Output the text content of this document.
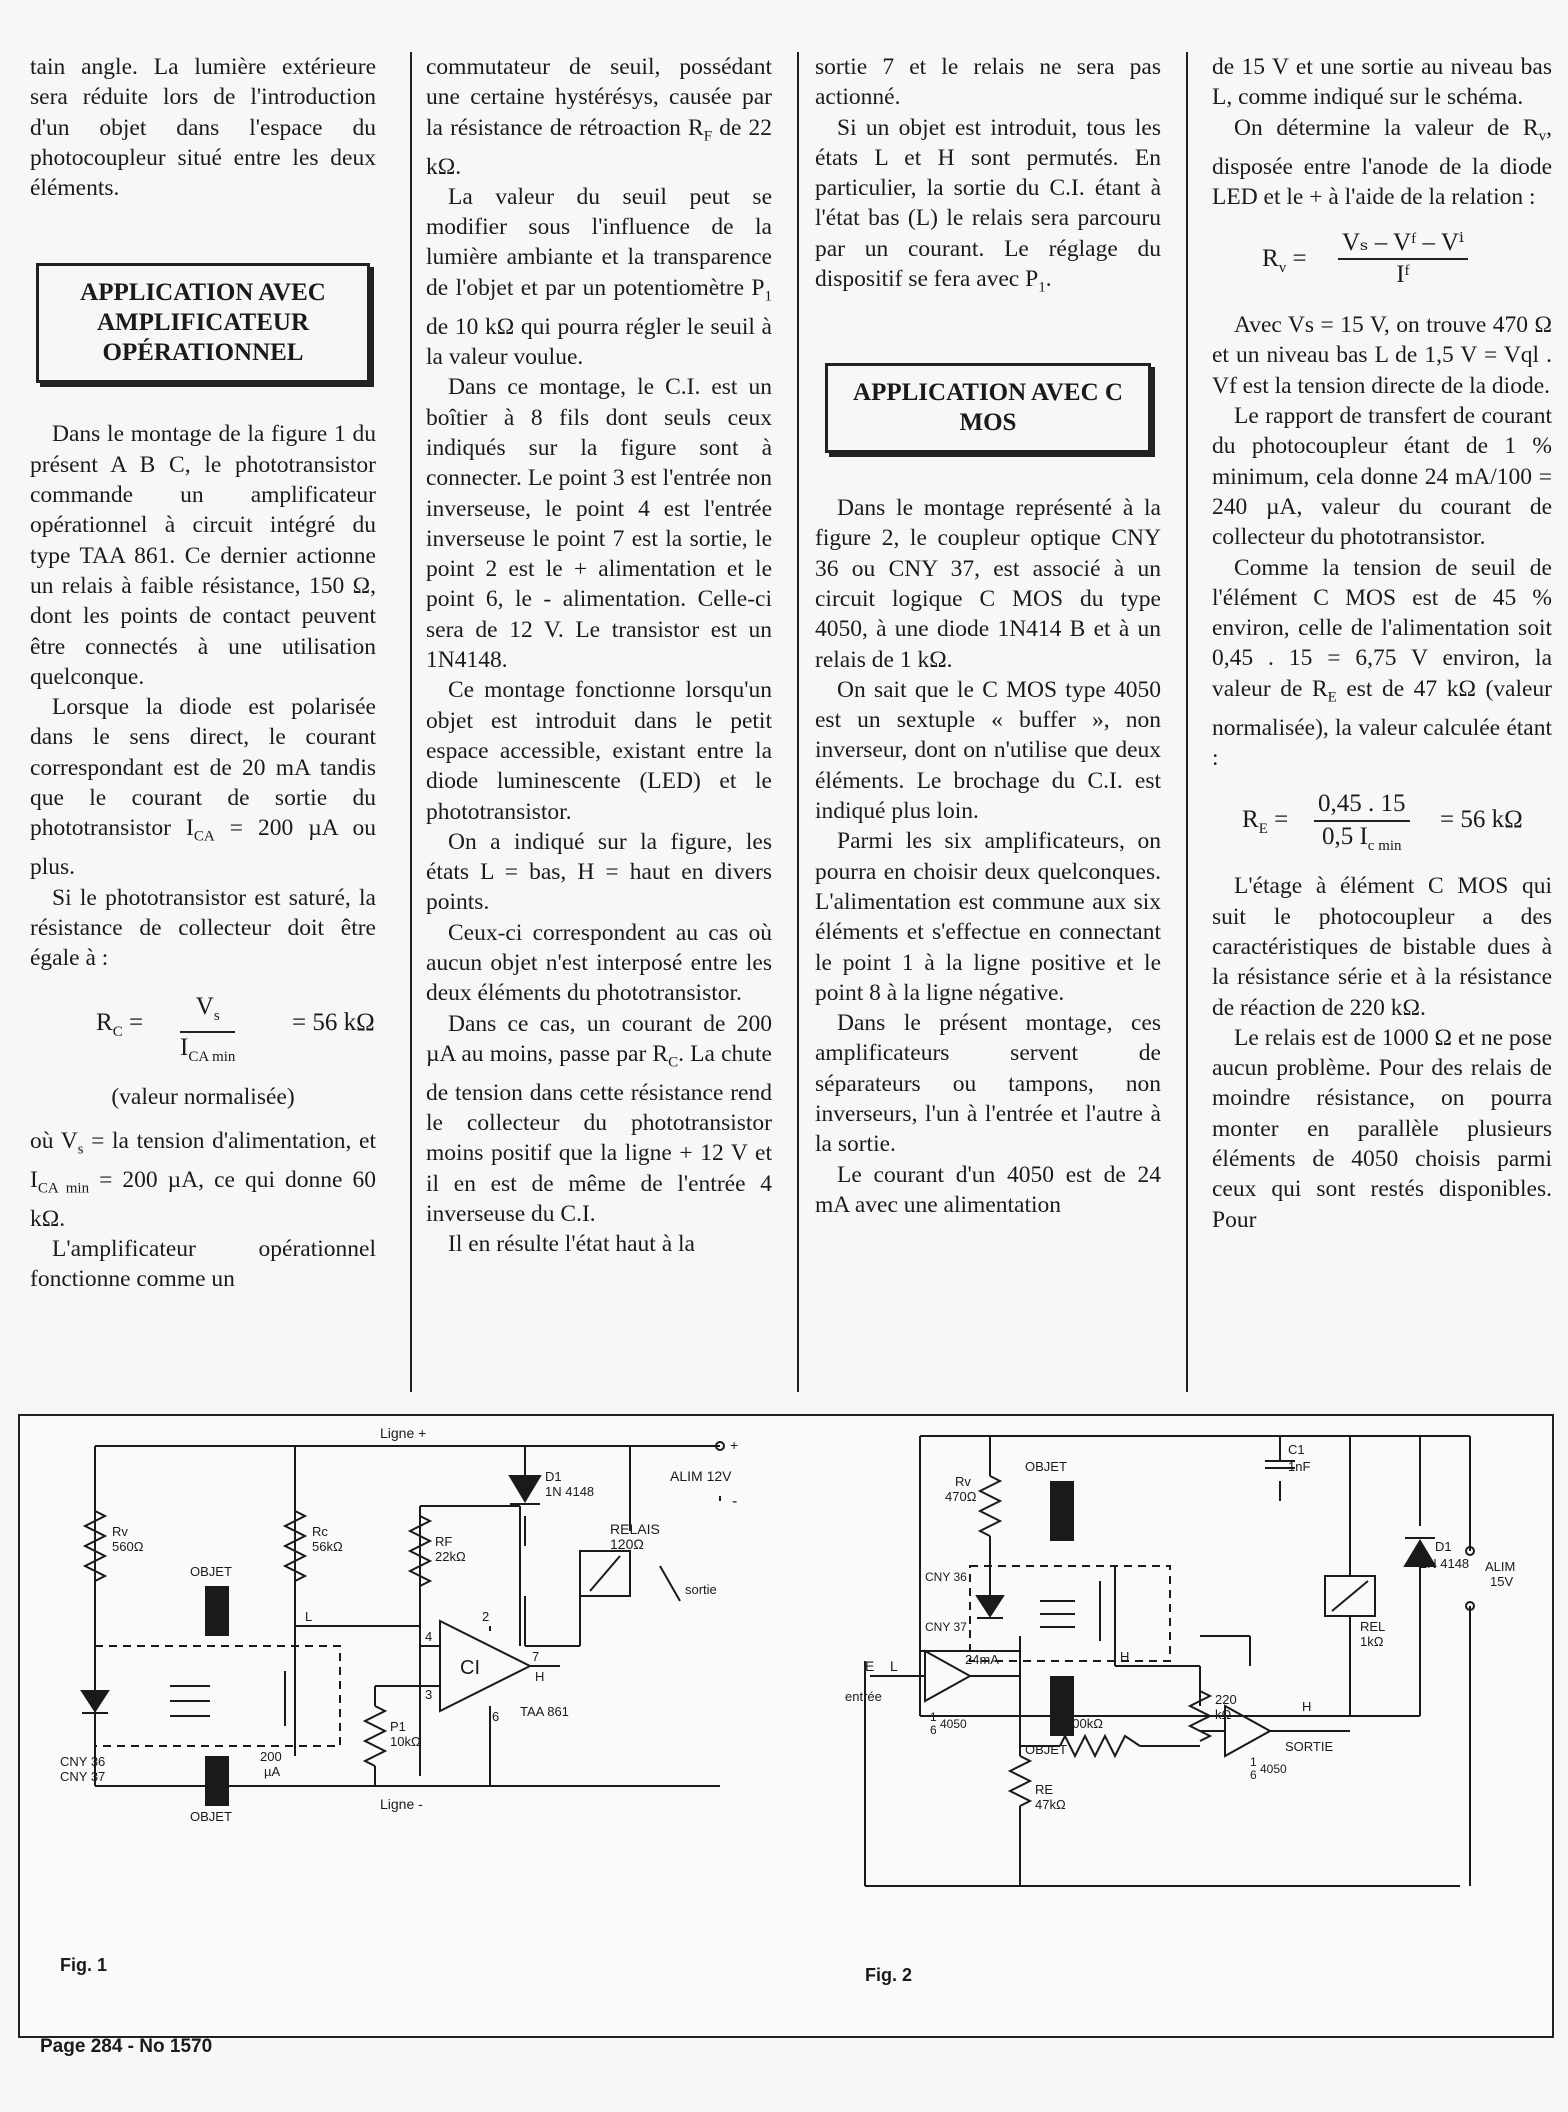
tain angle. La lumière extérieure sera réduite lors de l'introduction d'un objet dans l'espace du photocoupleur situé entre les deux éléments.

APPLICATION AVEC AMPLIFICATEUR OPÉRATIONNEL

Dans le montage de la figure 1 du présent A B C, le phototransistor commande un amplificateur opérationnel à circuit intégré du type TAA 861. Ce dernier actionne un relais à faible résistance, 150 Ω, dont les points de contact peuvent être connectés à une utilisation quelconque.

Lorsque la diode est polarisée dans le sens direct, le courant correspondant est de 20 mA tandis que le courant de sortie du phototransistor $I_{CA} = 200$ µA ou plus.

Si le phototransistor est saturé, la résistance de collecteur doit être égale à :

$R_C$ =
$V_s$
$I_{CA min}$
= 56 kΩ

(valeur normalisée)

où $V_s$ = la tension d'alimentation, et $I_{CA min} = 200$ µA, ce qui donne 60 kΩ.

L'amplificateur opérationnel fonctionne comme un

commutateur de seuil, possédant une certaine hystérésys, causée par la résistance de rétroaction $R_F$ de 22 kΩ.

La valeur du seuil peut se modifier sous l'influence de la lumière ambiante et la transparence de l'objet et par un potentiomètre $P_1$ de 10 kΩ qui pourra régler le seuil à la valeur voulue.

Dans ce montage, le C.I. est un boîtier à 8 fils dont seuls ceux indiqués sur la figure sont à connecter. Le point 3 est l'entrée non inverseuse, le point 4 est l'entrée inverseuse le point 7 est la sortie, le point 2 est le + alimentation et le point 6, le - alimentation. Celle-ci sera de 12 V. Le transistor est un 1N4148.

Ce montage fonctionne lorsqu'un objet est introduit dans le petit espace accessible, existant entre la diode luminescente (LED) et le phototransistor.

On a indiqué sur la figure, les états L = bas, H = haut en divers points.

Ceux-ci correspondent au cas où aucun objet n'est interposé entre les deux éléments du phototransistor.

Dans ce cas, un courant de 200 µA au moins, passe par $R_C$. La chute de tension dans cette résistance rend le collecteur du phototransistor moins positif que la ligne + 12 V et il en est de même de l'entrée 4 inverseuse du C.I.

Il en résulte l'état haut à la

sortie 7 et le relais ne sera pas actionné.

Si un objet est introduit, tous les états L et H sont permutés. En particulier, la sortie du C.I. étant à l'état bas (L) le relais sera parcouru par un courant. Le réglage du dispositif se fera avec $P_1$.

APPLICATION AVEC C MOS

Dans le montage représenté à la figure 2, le coupleur optique CNY 36 ou CNY 37, est associé à un circuit logique C MOS du type 4050, à une diode 1N414 B et à un relais de 1 kΩ.

On sait que le C MOS type 4050 est un sextuple « buffer », non inverseur, dont on n'utilise que deux éléments. Le brochage du C.I. est indiqué plus loin.

Parmi les six amplificateurs, on pourra en choisir deux quelconques. L'alimentation est commune aux six éléments et s'effectue en connectant le point 1 à la ligne positive et le point 8 à la ligne négative.

Dans le présent montage, ces amplificateurs servent de séparateurs ou tampons, non inverseurs, l'un à l'entrée et l'autre à la sortie.

Le courant d'un 4050 est de 24 mA avec une alimentation

de 15 V et une sortie au niveau bas L, comme indiqué sur le schéma.

On détermine la valeur de $R_v$, disposée entre l'anode de la diode LED et le + à l'aide de la relation :

$R_v = \frac{\text{Vₛ – Vᶠ – Vⁱ}}{\text{Iᶠ}}$

Avec Vs = 15 V, on trouve 470 Ω et un niveau bas L de 1,5 V = Vql . Vf est la tension directe de la diode.

Le rapport de transfert de courant du photocoupleur étant de 1 % minimum, cela donne 24 mA/100 = 240 µA, valeur du courant de collecteur du phototransistor.

Comme la tension de seuil de l'élément C MOS est de 45 % environ, celle de l'alimentation soit 0,45 . 15 = 6,75 V environ, la valeur de $R_E$ est de 47 kΩ (valeur normalisée), la valeur calculée étant :

$R_E$ =
0,45 . 15
0,5 $I_{c min}$
= 56 kΩ

L'étage à élément C MOS qui suit le photocoupleur a des caractéristiques de bistable dues à la résistance série et à la résistance de réaction de 220 kΩ.

Le relais est de 1000 Ω et ne pose aucun problème. Pour des relais de moindre résistance, on pourra monter en parallèle plusieurs éléments de 4050 choisis parmi ceux qui sont restés disponibles. Pour

Ligne +
Ligne -
+
-
ALIM 12V
Rv
560Ω
Rc
56kΩ	RF
22kΩ
P1
10kΩ
D1
1N 4148
RELAIS
120Ω
sortie
CI
TAA 861
OBJET
OBJET
CNY 36
CNY 37
200
µA
L
H
2
3
4
6
7
Fig. 1
Rv
470Ω
OBJET
OBJET
CNY 36
CNY 37
C1
1nF
D1
1N 4148 ALIM
15V
REL
1kΩ
220
kΩ
100kΩ
RE
47kΩ
E L
entrée
24mA
1
6 4050
1
6 4050
H
H
SORTIE
Fig. 2
Page 284 - No 1570
